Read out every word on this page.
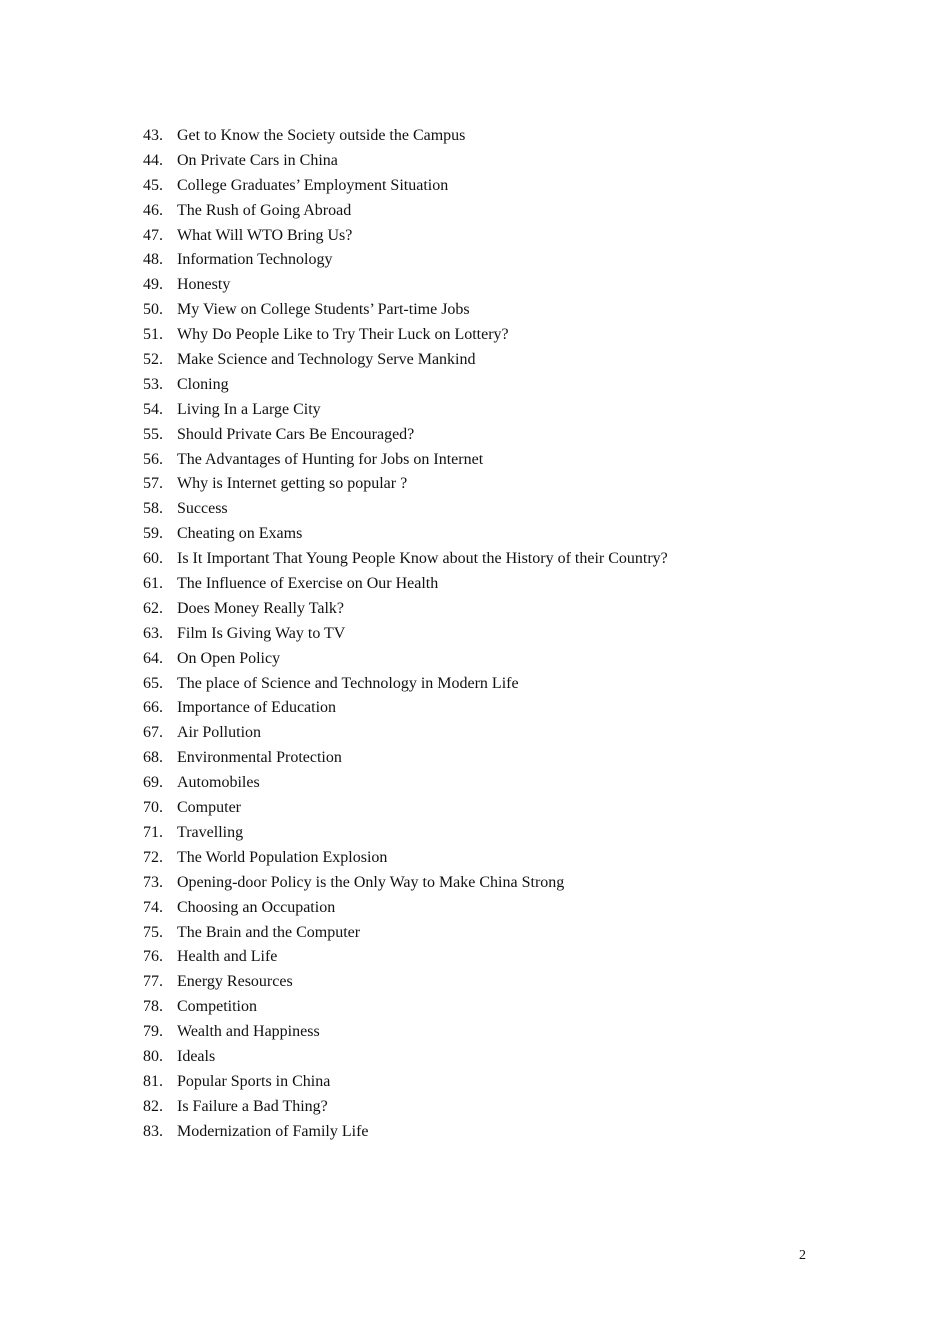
43. Get to Know the Society outside the Campus
44. On Private Cars in China
45. College Graduates’ Employment Situation
46. The Rush of Going Abroad
47. What Will WTO Bring Us?
48. Information Technology
49. Honesty
50. My View on College Students’ Part-time Jobs
51. Why Do People Like to Try Their Luck on Lottery?
52. Make Science and Technology Serve Mankind
53. Cloning
54. Living In a Large City
55. Should Private Cars Be Encouraged?
56. The Advantages of Hunting for Jobs on Internet
57. Why is Internet getting so popular ?
58. Success
59. Cheating on Exams
60. Is It Important That Young People Know about the History of their Country?
61. The Influence of Exercise on Our Health
62. Does Money Really Talk?
63. Film Is Giving Way to TV
64. On Open Policy
65. The place of Science and Technology in Modern Life
66. Importance of Education
67. Air Pollution
68. Environmental Protection
69. Automobiles
70. Computer
71. Travelling
72. The World Population Explosion
73. Opening-door Policy is the Only Way to Make China Strong
74. Choosing an Occupation
75. The Brain and the Computer
76. Health and Life
77. Energy Resources
78. Competition
79. Wealth and Happiness
80. Ideals
81. Popular Sports in China
82. Is Failure a Bad Thing?
83. Modernization of Family Life
2
